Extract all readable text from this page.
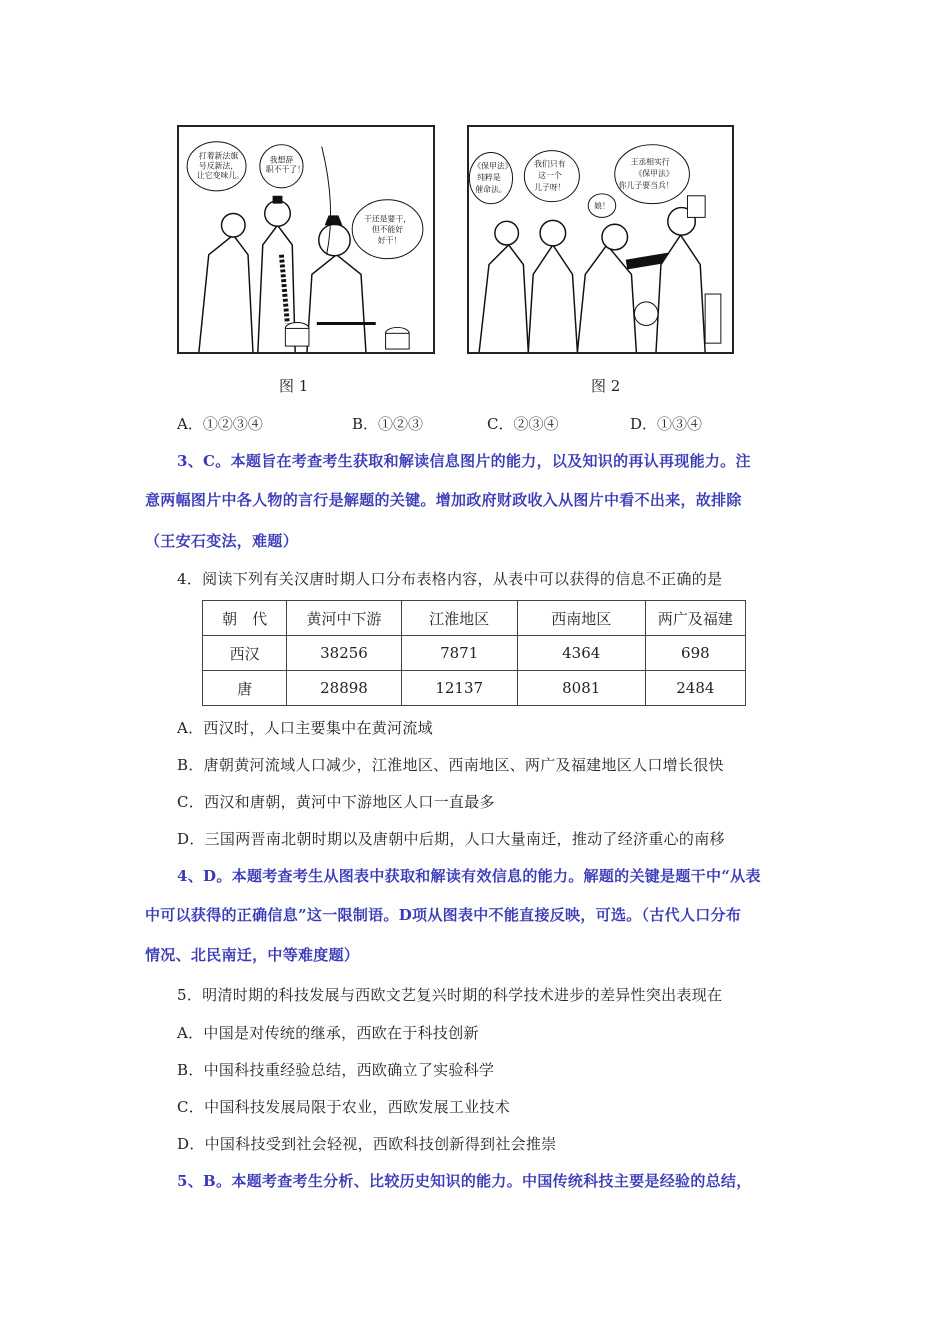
打着新法旗
号反新法，
让它变味儿。
我想辞
职不干了！
干还是要干，
但不能好
好干！
《保甲法》
纯粹是
催命法。
我们只有
这一个
儿子呀！
娘！
王丞相实行
《保甲法》
你儿子要当兵！
图 1	图 2
A．①②③④	B．①②③	C．②③④	D．①③④
3、C。本题旨在考查考生获取和解读信息图片的能力，以及知识的再认再现能力。注
意两幅图片中各人物的言行是解题的关键。增加政府财政收入从图片中看不出来，故排除
（王安石变法，难题）
4．阅读下列有关汉唐时期人口分布表格内容，从表中可以获得的信息不正确的是
朝　代	黄河中下游	江淮地区	西南地区	两广及福建
西汉	38256	7871	4364	698
唐	28898	12137	8081	2484
A．西汉时，人口主要集中在黄河流域
B．唐朝黄河流域人口减少，江淮地区、西南地区、两广及福建地区人口增长很快
C．西汉和唐朝，黄河中下游地区人口一直最多
D．三国两晋南北朝时期以及唐朝中后期，人口大量南迁，推动了经济重心的南移
4、D。本题考查考生从图表中获取和解读有效信息的能力。解题的关键是题干中“从表
中可以获得的正确信息”这一限制语。D项从图表中不能直接反映，可选。（古代人口分布
情况、北民南迁，中等难度题）
5．明清时期的科技发展与西欧文艺复兴时期的科学技术进步的差异性突出表现在
A．中国是对传统的继承，西欧在于科技创新
B．中国科技重经验总结，西欧确立了实验科学
C．中国科技发展局限于农业，西欧发展工业技术
D．中国科技受到社会轻视，西欧科技创新得到社会推崇
5、B。本题考查考生分析、比较历史知识的能力。中国传统科技主要是经验的总结，
